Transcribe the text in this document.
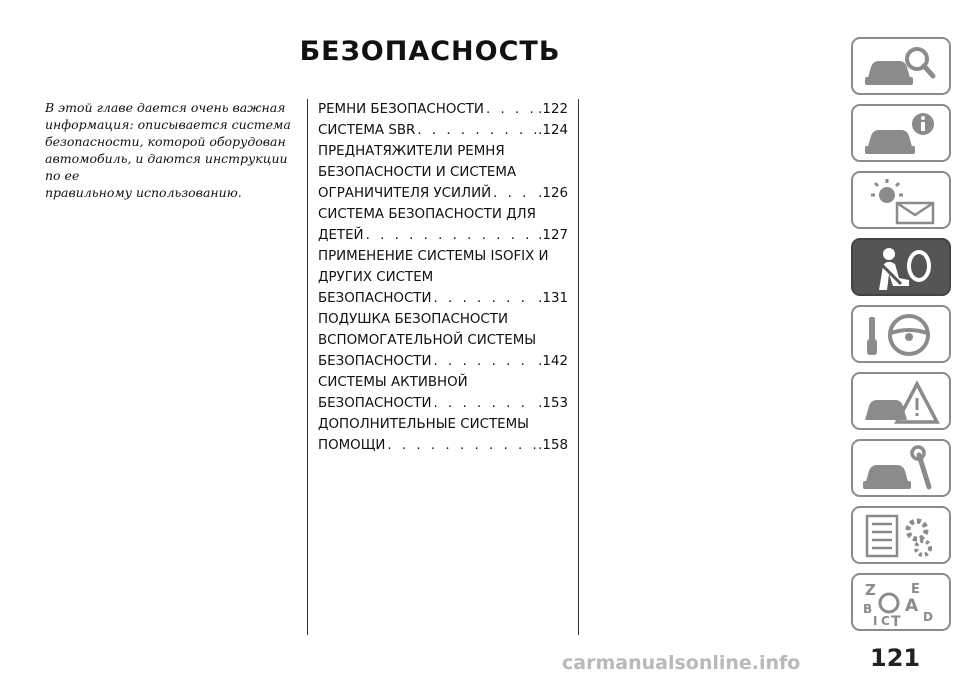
БЕЗОПАСНОСТЬ
В этой главе дается очень важная
информация: описывается система
безопасности, которой оборудован
автомобиль, и даются инструкции по ее
правильному использованию.
РЕМНИ БЕЗОПАСНОСТИ . . .	.122
СИСТЕМА SBR . . .	.124
ПРЕДНАТЯЖИТЕЛИ РЕМНЯ
БЕЗОПАСНОСТИ И СИСТЕМА
ОГРАНИЧИТЕЛЯ УСИЛИЙ . . .	.126
СИСТЕМА БЕЗОПАСНОСТИ ДЛЯ
ДЕТЕЙ . . .	.127
ПРИМЕНЕНИЕ СИСТЕМЫ ISOFIX И
ДРУГИХ СИСТЕМ
БЕЗОПАСНОСТИ . . .	.131
ПОДУШКА БЕЗОПАСНОСТИ
ВСПОМОГАТЕЛЬНОЙ СИСТЕМЫ
БЕЗОПАСНОСТИ . . .	.142
СИСТЕМЫ АКТИВНОЙ
БЕЗОПАСНОСТИ . . .	.153
ДОПОЛНИТЕЛЬНЫЕ СИСТЕМЫ
ПОМОЩИ . . .	.158
Z	E
B A
D
I C T
121
carmanualsonline.info
